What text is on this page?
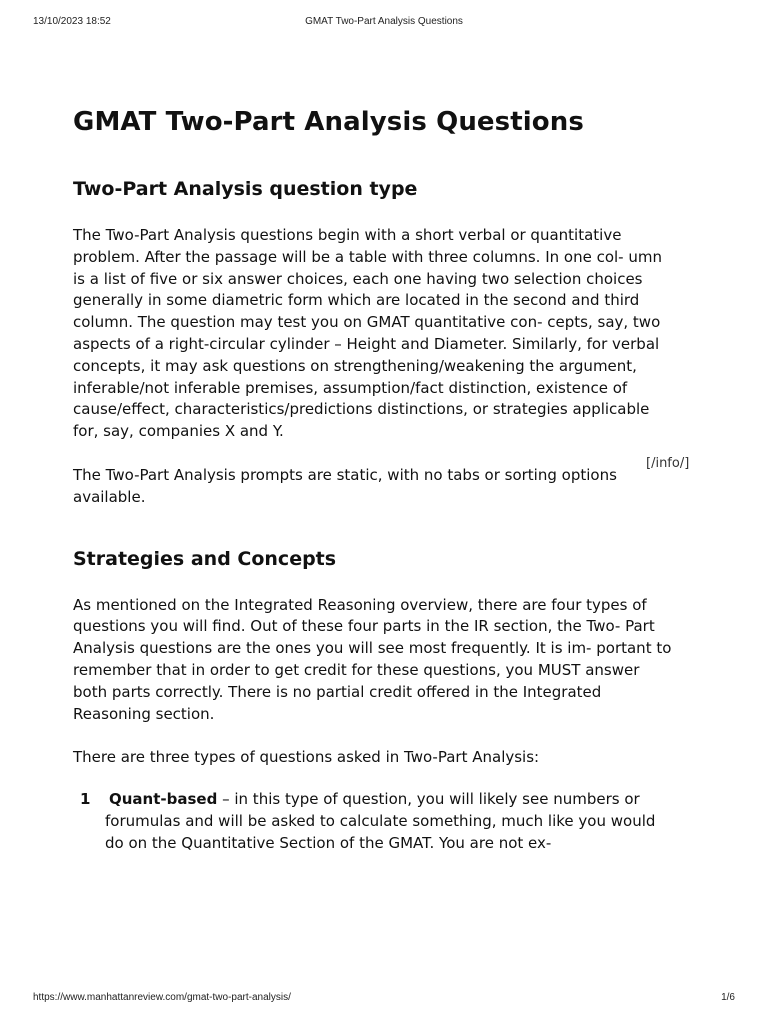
13/10/2023 18:52	GMAT Two-Part Analysis Questions
GMAT Two-Part Analysis Questions
Two-Part Analysis question type

The Two-Part Analysis questions begin with a short verbal or quantitative problem. After the passage will be a table with three columns. In one col- umn is a list of five or six answer choices, each one having two selection choices generally in some diametric form which are located in the second and third column. The question may test you on GMAT quantitative con- cepts, say, two aspects of a right-circular cylinder – Height and Diameter. Similarly, for verbal concepts, it may ask questions on strengthening/weakening the argument, inferable/not inferable premises, assumption/fact distinction, existence of cause/effect, characteristics/predictions distinctions, or strategies applicable for, say, companies X and Y.

The Two-Part Analysis prompts are static, with no tabs or sorting options available.

[/info/]
Strategies and Concepts

As mentioned on the Integrated Reasoning overview, there are four types of questions you will find. Out of these four parts in the IR section, the Two- Part Analysis questions are the ones you will see most frequently. It is im- portant to remember that in order to get credit for these questions, you MUST answer both parts correctly. There is no partial credit offered in the Integrated Reasoning section.

There are three types of questions asked in Two-Part Analysis:

1 Quant-based – in this type of question, you will likely see numbers or forumulas and will be asked to calculate something, much like you would do on the Quantitative Section of the GMAT. You are not ex-
https://www.manhattanreview.com/gmat-two-part-analysis/	1/6
